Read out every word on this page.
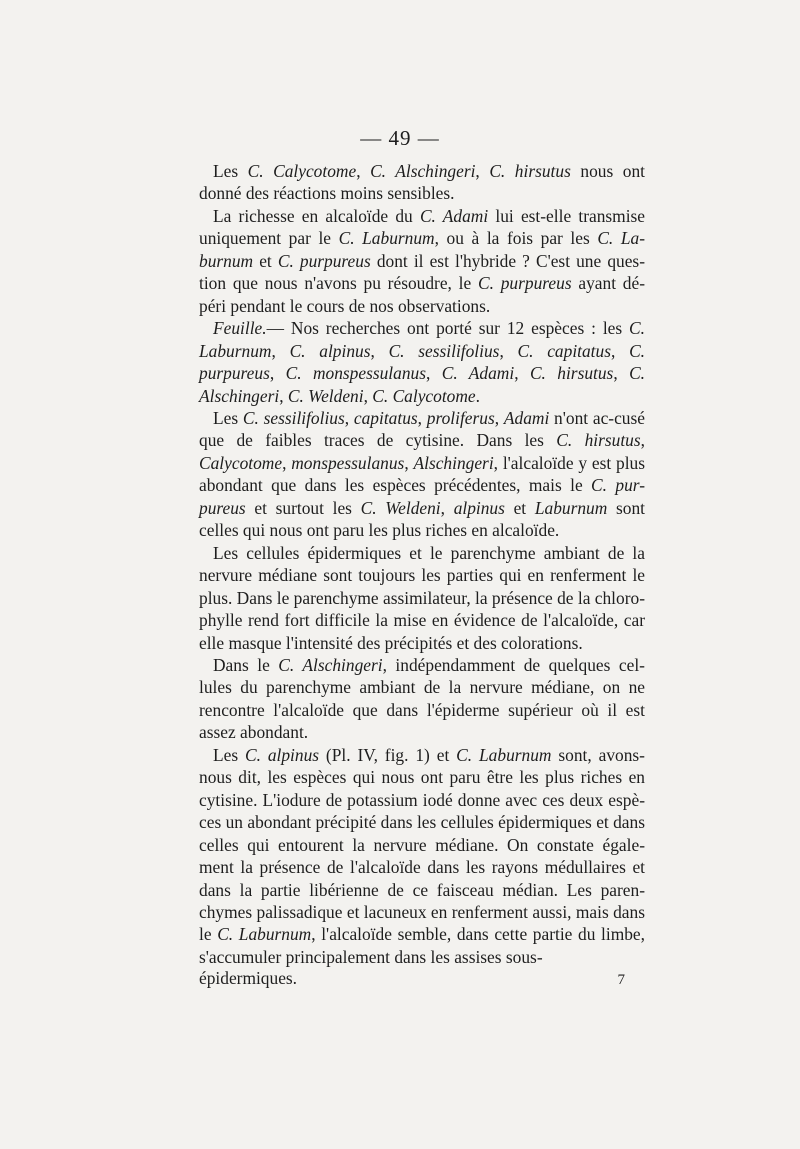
— 49 —

Les C. Calycotome, C. Alschingeri, C. hirsutus nous ont donné des réactions moins sensibles.

La richesse en alcaloïde du C. Adami lui est-elle transmise uniquement par le C. Laburnum, ou à la fois par les C. La-burnum et C. purpureus dont il est l'hybride ? C'est une ques-tion que nous n'avons pu résoudre, le C. purpureus ayant dé-péri pendant le cours de nos observations.

Feuille.— Nos recherches ont porté sur 12 espèces : les C. Laburnum, C. alpinus, C. sessilifolius, C. capitatus, C. purpureus, C. monspessulanus, C. Adami, C. hirsutus, C. Alschingeri, C. Weldeni, C. Calycotome.

Les C. sessilifolius, capitatus, proliferus, Adami n'ont ac-cusé que de faibles traces de cytisine. Dans les C. hirsutus, Calycotome, monspessulanus, Alschingeri, l'alcaloïde y est plus abondant que dans les espèces précédentes, mais le C. pur-pureus et surtout les C. Weldeni, alpinus et Laburnum sont celles qui nous ont paru les plus riches en alcaloïde.

Les cellules épidermiques et le parenchyme ambiant de la nervure médiane sont toujours les parties qui en renferment le plus. Dans le parenchyme assimilateur, la présence de la chloro-phylle rend fort difficile la mise en évidence de l'alcaloïde, car elle masque l'intensité des précipités et des colorations.

Dans le C. Alschingeri, indépendamment de quelques cel-lules du parenchyme ambiant de la nervure médiane, on ne rencontre l'alcaloïde que dans l'épiderme supérieur où il est assez abondant.

Les C. alpinus (Pl. IV, fig. 1) et C. Laburnum sont, avons-nous dit, les espèces qui nous ont paru être les plus riches en cytisine. L'iodure de potassium iodé donne avec ces deux espè-ces un abondant précipité dans les cellules épidermiques et dans celles qui entourent la nervure médiane. On constate égale-ment la présence de l'alcaloïde dans les rayons médullaires et dans la partie libérienne de ce faisceau médian. Les paren-chymes palissadique et lacuneux en renferment aussi, mais dans le C. Laburnum, l'alcaloïde semble, dans cette partie du limbe, s'accumuler principalement dans les assises sous-

épidermiques.	7
